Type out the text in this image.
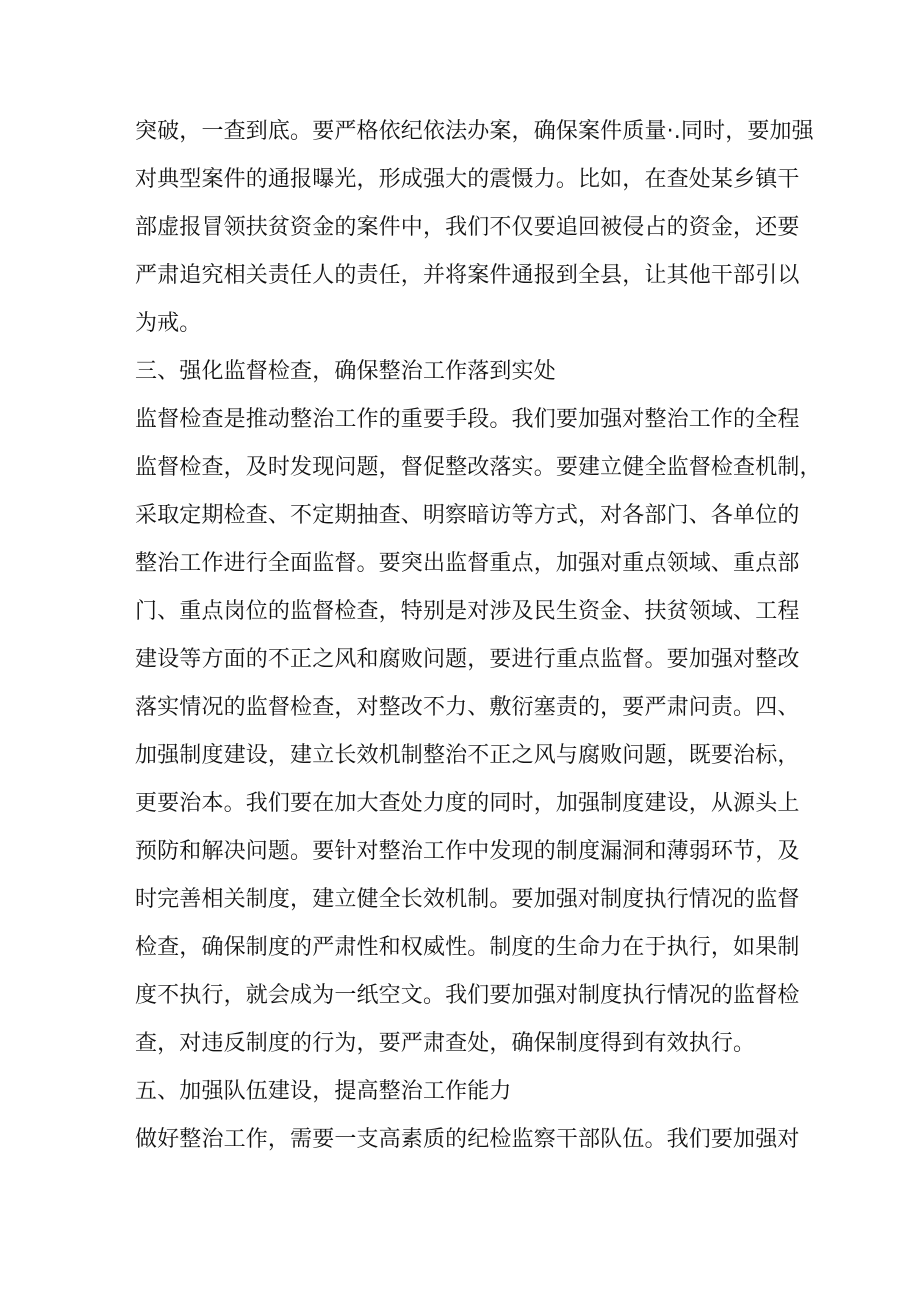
突破，一查到底。要严格依纪依法办案，确保案件质量·.同时，要加强
对典型案件的通报曝光，形成强大的震慑力。比如，在查处某乡镇干
部虚报冒领扶贫资金的案件中，我们不仅要追回被侵占的资金，还要
严肃追究相关责任人的责任，并将案件通报到全县，让其他干部引以
为戒。
三、强化监督检查，确保整治工作落到实处
监督检查是推动整治工作的重要手段。我们要加强对整治工作的全程
监督检查，及时发现问题，督促整改落实。要建立健全监督检查机制，
采取定期检查、不定期抽查、明察暗访等方式，对各部门、各单位的
整治工作进行全面监督。要突出监督重点，加强对重点领域、重点部
门、重点岗位的监督检查，特别是对涉及民生资金、扶贫领域、工程
建设等方面的不正之风和腐败问题，要进行重点监督。要加强对整改
落实情况的监督检查，对整改不力、敷衍塞责的，要严肃问责。四、
加强制度建设，建立长效机制整治不正之风与腐败问题，既要治标，
更要治本。我们要在加大查处力度的同时，加强制度建设，从源头上
预防和解决问题。要针对整治工作中发现的制度漏洞和薄弱环节，及
时完善相关制度，建立健全长效机制。要加强对制度执行情况的监督
检查，确保制度的严肃性和权威性。制度的生命力在于执行，如果制
度不执行，就会成为一纸空文。我们要加强对制度执行情况的监督检
查，对违反制度的行为，要严肃查处，确保制度得到有效执行。
五、加强队伍建设，提高整治工作能力
做好整治工作，需要一支高素质的纪检监察干部队伍。我们要加强对
